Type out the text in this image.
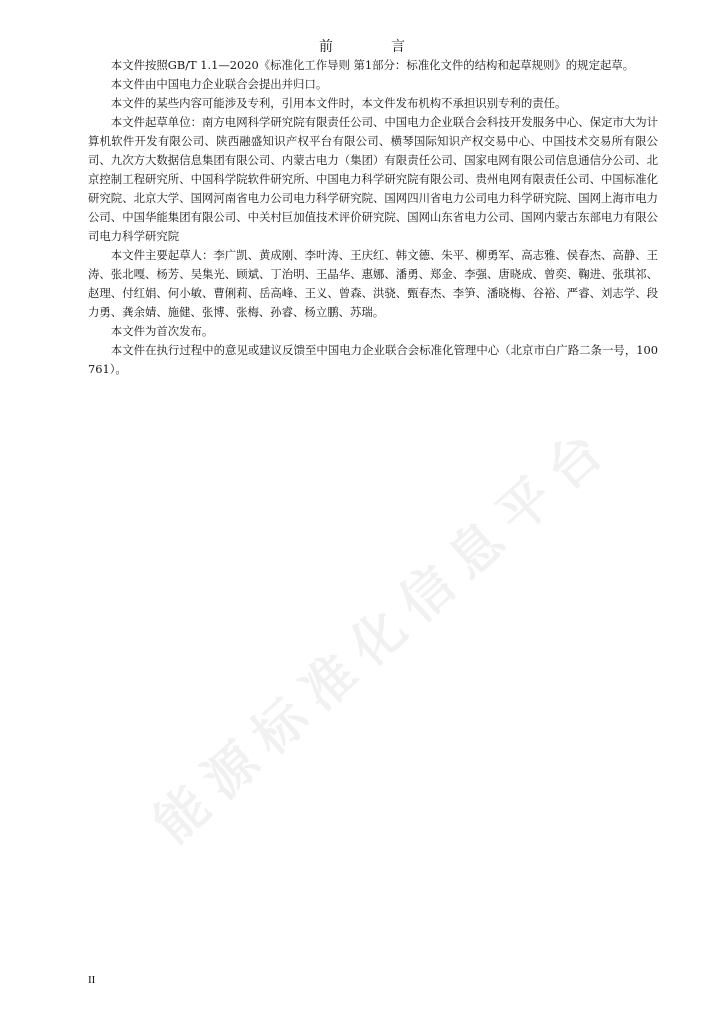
前　言

本文件按照GB/T 1.1—2020《标准化工作导则 第1部分：标准化文件的结构和起草规则》的规定起草。

本文件由中国电力企业联合会提出并归口。

本文件的某些内容可能涉及专利，引用本文件时，本文件发布机构不承担识别专利的责任。

本文件起草单位：南方电网科学研究院有限责任公司、中国电力企业联合会科技开发服务中心、保定市大为计算机软件开发有限公司、陕西融盛知识产权平台有限公司、横琴国际知识产权交易中心、中国技术交易所有限公司、九次方大数据信息集团有限公司、内蒙古电力（集团）有限责任公司、国家电网有限公司信息通信分公司、北京控制工程研究所、中国科学院软件研究所、中国电力科学研究院有限公司、贵州电网有限责任公司、中国标准化研究院、北京大学、国网河南省电力公司电力科学研究院、国网四川省电力公司电力科学研究院、国网上海市电力公司、中国华能集团有限公司、中关村巨加值技术评价研究院、国网山东省电力公司、国网内蒙古东部电力有限公司电力科学研究院

本文件主要起草人：李广凯、黄成刚、李叶涛、王庆红、韩文德、朱平、柳勇军、高志雅、侯春杰、高静、王涛、张北嘎、杨芳、吴集光、顾斌、丁治明、王晶华、惠娜、潘勇、郑金、李强、唐晓成、曾奕、鞠进、张琪祁、赵理、付红娟、何小敏、曹俐莉、岳高峰、王义、曾森、洪骁、甄春杰、李笋、潘晓梅、谷裕、严睿、刘志学、段力勇、龚余婧、施健、张博、张梅、孙睿、杨立鹏、苏瑞。

本文件为首次发布。

本文件在执行过程中的意见或建议反馈至中国电力企业联合会标准化管理中心（北京市白广路二条一号，100761）。

能源标准化信息平台
II
